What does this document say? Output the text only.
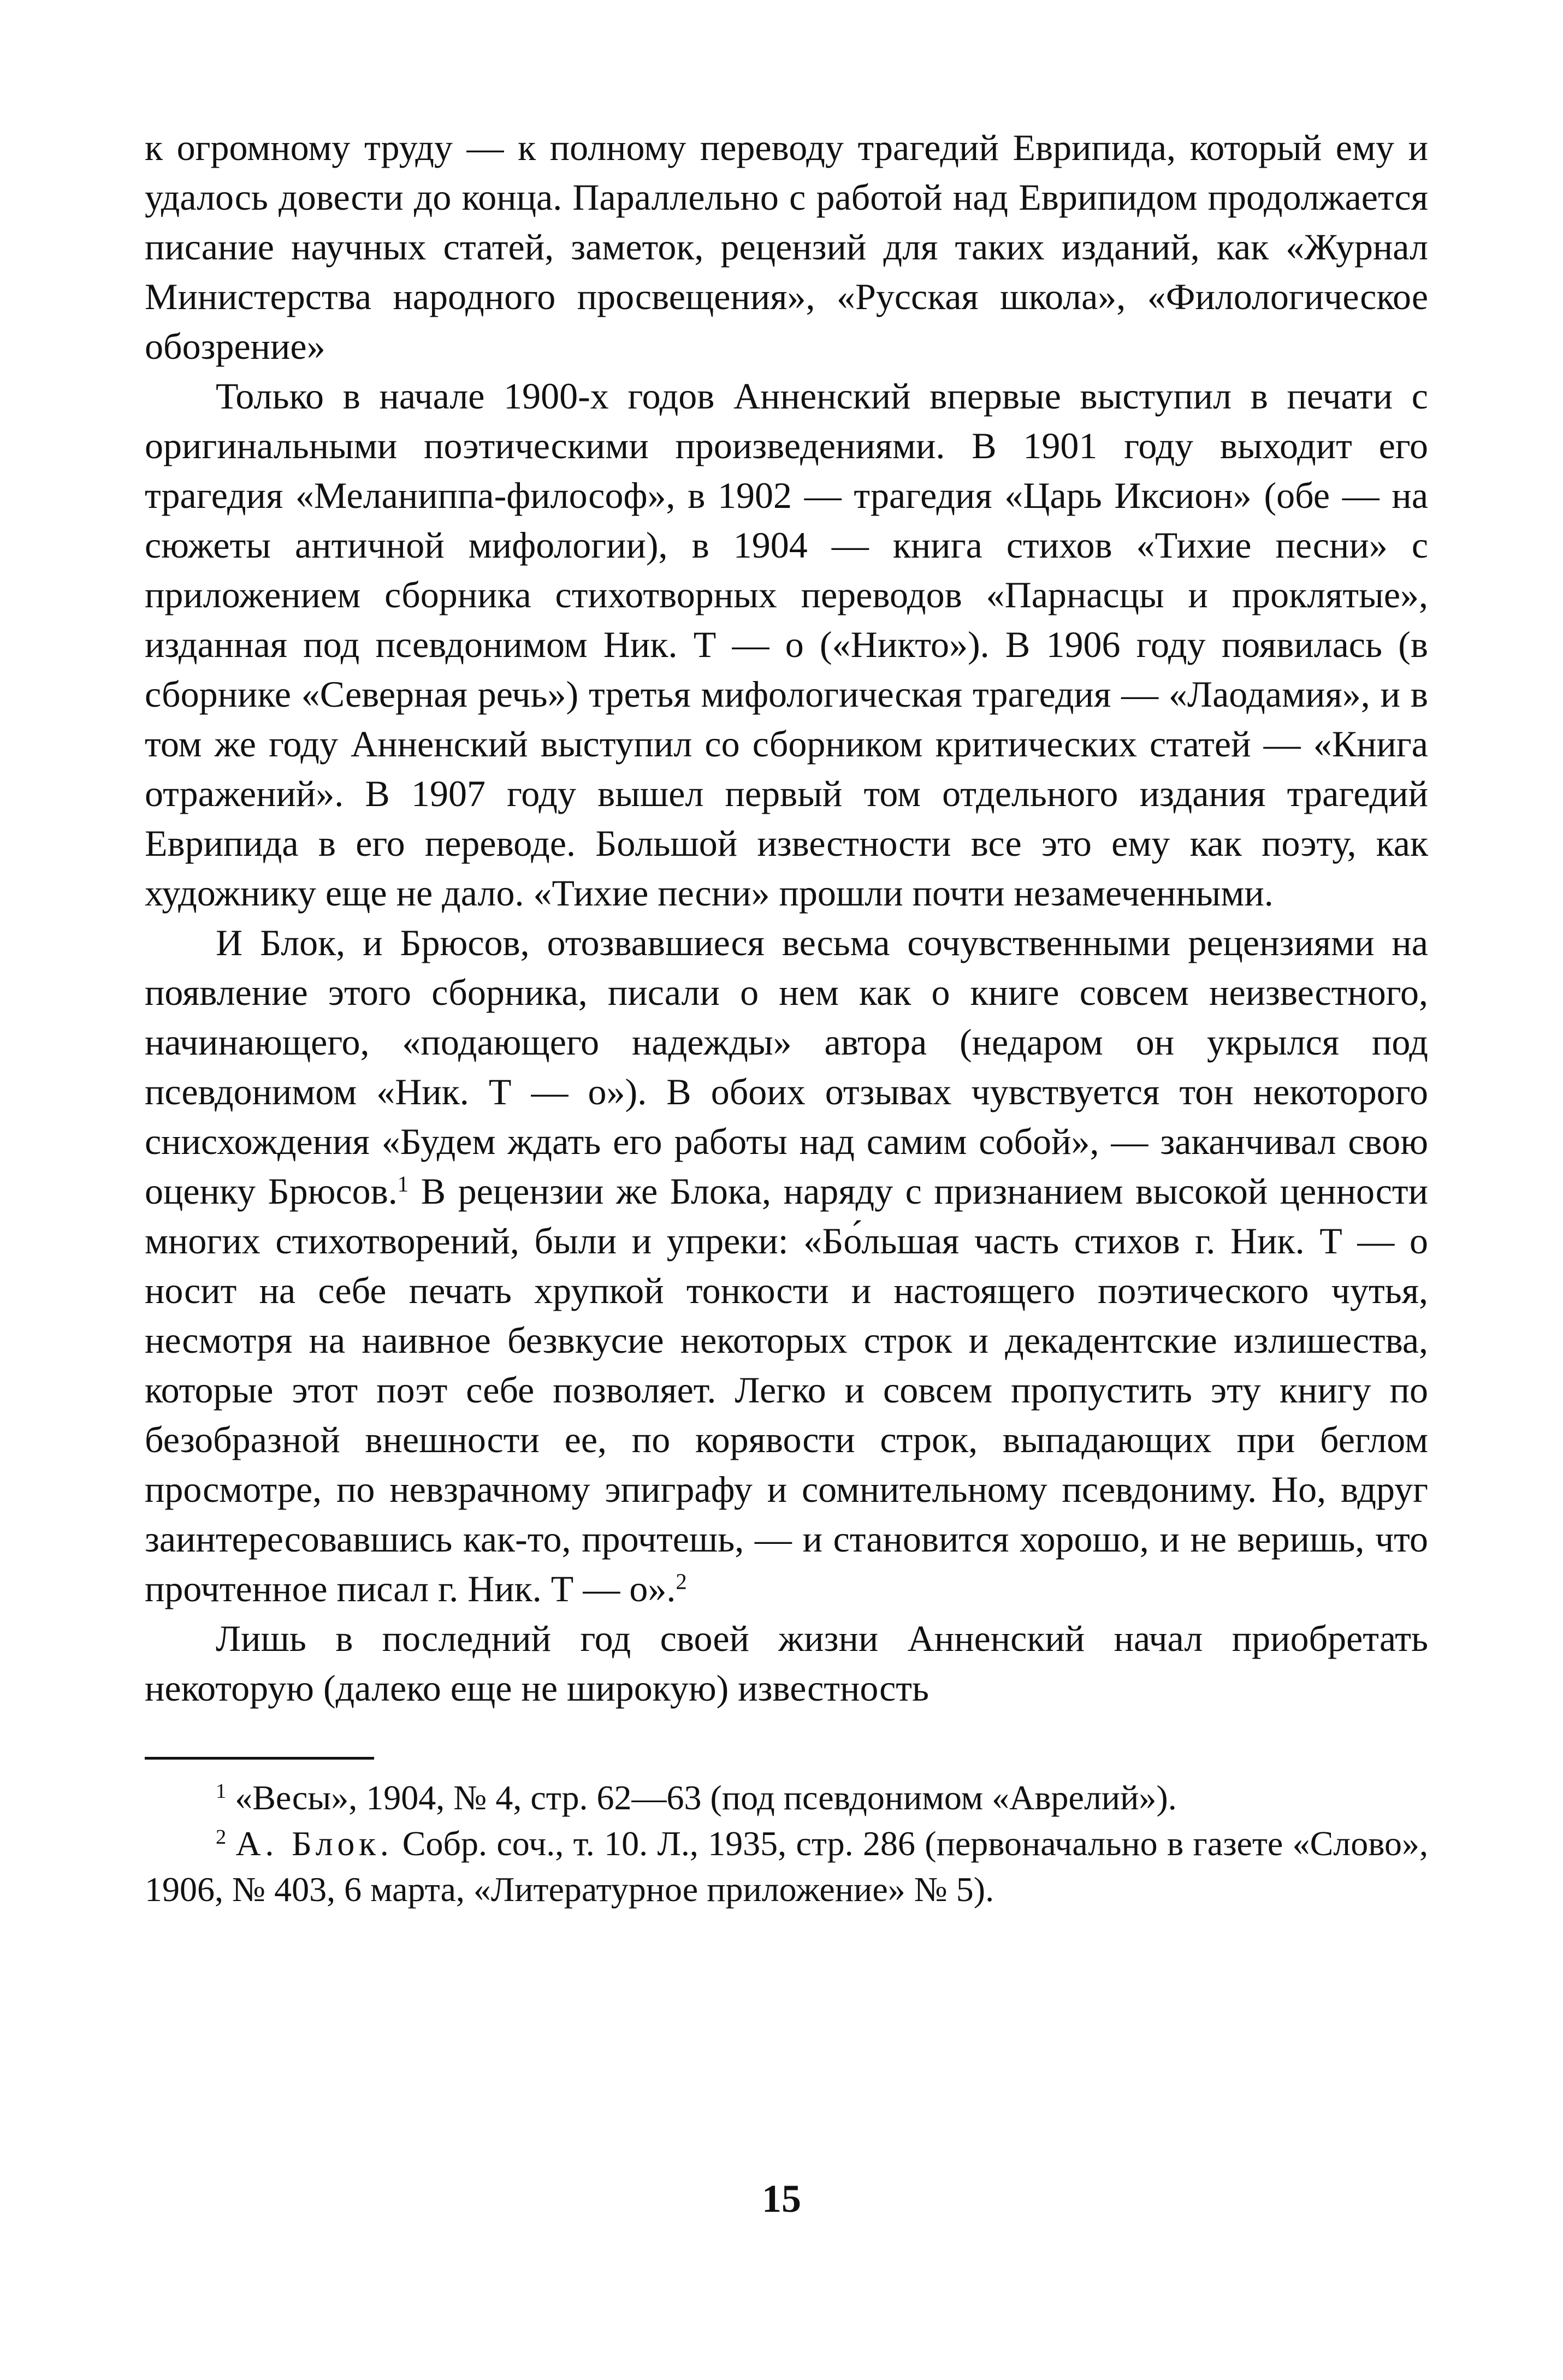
к огромному труду — к полному переводу трагедий Еврипида, который ему и удалось довести до конца. Параллельно с работой над Еврипидом продолжается писание научных статей, заметок, рецензий для таких изданий, как «Журнал Министерства народного просвещения», «Русская школа», «Филологическое обозрение»

Только в начале 1900-х годов Анненский впервые выступил в печати с оригинальными поэтическими произведениями. В 1901 году выходит его трагедия «Меланиппа-философ», в 1902 — трагедия «Царь Иксион» (обе — на сюжеты античной мифологии), в 1904 — книга стихов «Тихие песни» с приложением сборника стихотворных переводов «Парнасцы и проклятые», изданная под псевдонимом Ник. Т — о («Никто»). В 1906 году появилась (в сборнике «Северная речь») третья мифологическая трагедия — «Лаодамия», и в том же году Анненский выступил со сборником критических статей — «Книга отражений». В 1907 году вышел первый том отдельного издания трагедий Еврипида в его переводе. Большой известности все это ему как поэту, как художнику еще не дало. «Тихие песни» прошли почти незамеченными.

И Блок, и Брюсов, отозвавшиеся весьма сочувственными рецензиями на появление этого сборника, писали о нем как о книге совсем неизвестного, начинающего, «подающего надежды» автора (недаром он укрылся под псевдонимом «Ник. Т — о»). В обоих отзывах чувствуется тон некоторого снисхождения «Будем ждать его работы над самим собой», — заканчивал свою оценку Брюсов.$^1$ В рецензии же Блока, наряду с признанием высокой ценности многих стихотворений, были и упреки: «Бо́льшая часть стихов г. Ник. Т — о носит на себе печать хрупкой тонкости и настоящего поэтического чутья, несмотря на наивное безвкусие некоторых строк и декадентские излишества, которые этот поэт себе позволяет. Легко и совсем пропустить эту книгу по безобразной внешности ее, по корявости строк, выпадающих при беглом просмотре, по невзрачному эпиграфу и сомнительному псевдониму. Но, вдруг заинтересовавшись как-то, прочтешь, — и становится хорошо, и не веришь, что прочтенное писал г. Ник. Т — о».$^2$

Лишь в последний год своей жизни Анненский начал приобретать некоторую (далеко еще не широкую) известность

$^1$ «Весы», 1904, № 4, стр. 62—63 (под псевдонимом «Аврелий»).

$^2$ А. Блок. Собр. соч., т. 10. Л., 1935, стр. 286 (первоначально в газете «Слово», 1906, № 403, 6 марта, «Литературное приложение» № 5).

15
